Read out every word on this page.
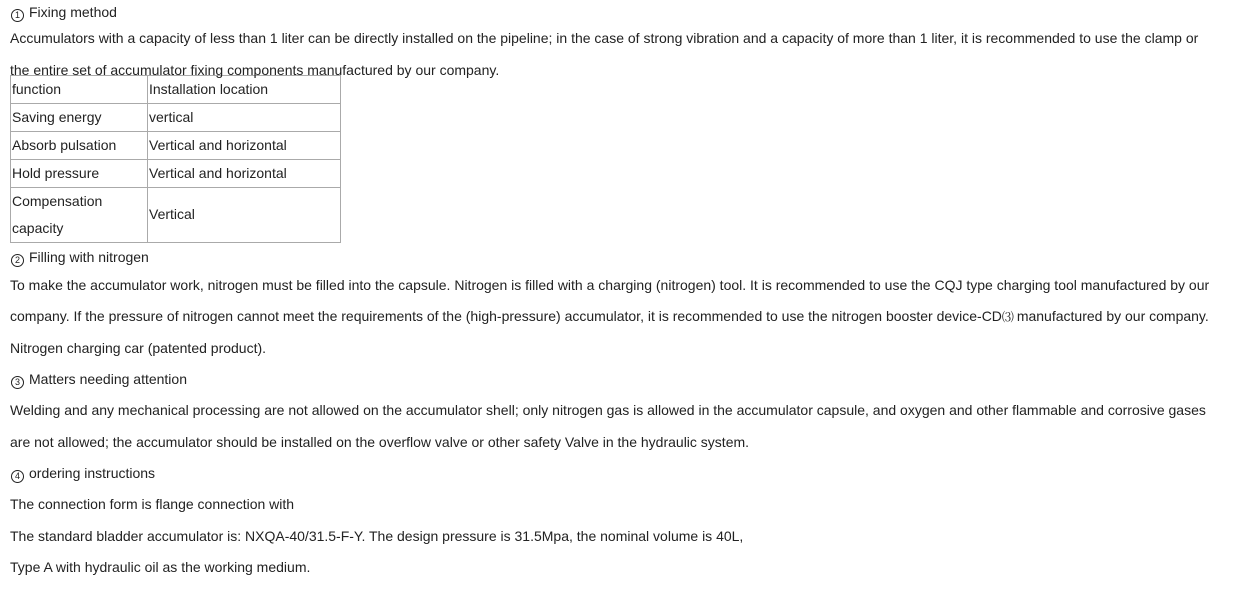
1 Fixing method
Accumulators with a capacity of less than 1 liter can be directly installed on the pipeline; in the case of strong vibration and a capacity of more than 1 liter, it is recommended to use the clamp or
the entire set of accumulator fixing components manufactured by our company.
function	Installation location
Saving energy	vertical
Absorb pulsation	Vertical and horizontal
Hold pressure	Vertical and horizontal

Compensation
capacity	Vertical
2 Filling with nitrogen
To make the accumulator work, nitrogen must be filled into the capsule. Nitrogen is filled with a charging (nitrogen) tool. It is recommended to use the CQJ type charging tool manufactured by our
company. If the pressure of nitrogen cannot meet the requirements of the (high-pressure) accumulator, it is recommended to use the nitrogen booster device-CD⑶ manufactured by our company.
Nitrogen charging car (patented product).
3 Matters needing attention
Welding and any mechanical processing are not allowed on the accumulator shell; only nitrogen gas is allowed in the accumulator capsule, and oxygen and other flammable and corrosive gases
are not allowed; the accumulator should be installed on the overflow valve or other safety Valve in the hydraulic system.
4 ordering instructions
The connection form is flange connection with
The standard bladder accumulator is: NXQA-40/31.5-F-Y. The design pressure is 31.5Mpa, the nominal volume is 40L,
Type A with hydraulic oil as the working medium.
